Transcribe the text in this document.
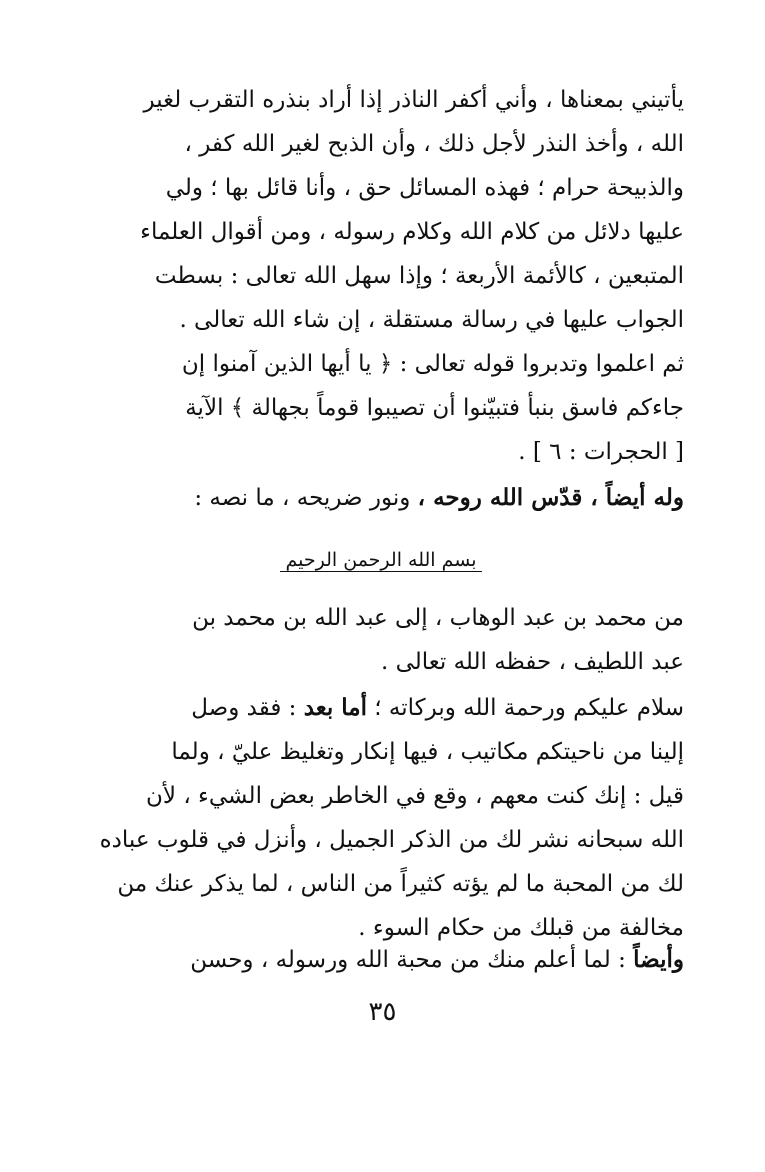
يأتيني بمعناها ، وأني أكفر الناذر إذا أراد بنذره التقرب لغير
الله ، وأخذ النذر لأجل ذلك ، وأن الذبح لغير الله كفر ،
والذبيحة حرام ؛ فهذه المسائل حق ، وأنا قائل بها ؛ ولي
عليها دلائل من كلام الله وكلام رسوله ، ومن أقوال العلماء
المتبعين ، كالأئمة الأربعة ؛ وإذا سهل الله تعالى : بسطت
الجواب عليها في رسالة مستقلة ، إن شاء الله تعالى .
ثم اعلموا وتدبروا قوله تعالى : ﴿ يا أيها الذين آمنوا إن
جاءكم فاسق بنبأ فتبيّنوا أن تصيبوا قوماً بجهالة ﴾ الآية
[ الحجرات : ٦ ] .
وله أيضاً ، قدّس الله روحه ، ونور ضريحه ، ما نصه :
بسم الله الرحمن الرحيم
من محمد بن عبد الوهاب ، إلى عبد الله بن محمد بن
عبد اللطيف ، حفظه الله تعالى .
سلام عليكم ورحمة الله وبركاته ؛ أما بعد : فقد وصل
إلينا من ناحيتكم مكاتيب ، فيها إنكار وتغليظ عليّ ، ولما
قيل : إنك كنت معهم ، وقع في الخاطر بعض الشيء ، لأن
الله سبحانه نشر لك من الذكر الجميل ، وأنزل في قلوب عباده
لك من المحبة ما لم يؤته كثيراً من الناس ، لما يذكر عنك من
مخالفة من قبلك من حكام السوء .
وأيضاً : لما أعلم منك من محبة الله ورسوله ، وحسن
٣٥
